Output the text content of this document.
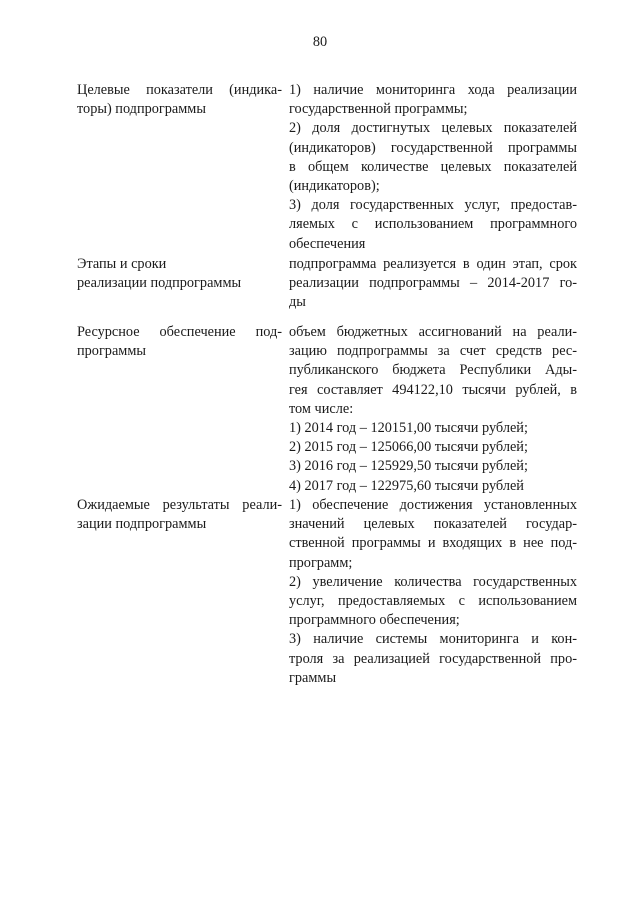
80
Целевые показатели (индика-
торы) подпрограммы
1) наличие мониторинга хода реализации
государственной программы;
2) доля достигнутых целевых показателей
(индикаторов) государственной программы
в общем количестве целевых показателей
(индикаторов);
3) доля государственных услуг, предостав-
ляемых с использованием программного
обеспечения
Этапы и сроки
реализации подпрограммы
подпрограмма реализуется в один этап, срок
реализации подпрограммы – 2014-2017 го-
ды
Ресурсное обеспечение под-
программы
объем бюджетных ассигнований на реали-
зацию подпрограммы за счет средств рес-
публиканского бюджета Республики Ады-
гея составляет 494122,10 тысячи рублей, в
том числе:
1) 2014 год – 120151,00 тысячи рублей;
2) 2015 год – 125066,00 тысячи рублей;
3) 2016 год – 125929,50 тысячи рублей;
4) 2017 год – 122975,60 тысячи рублей
Ожидаемые результаты реали-
зации подпрограммы
1) обеспечение достижения установленных
значений целевых показателей государ-
ственной программы и входящих в нее под-
программ;
2) увеличение количества государственных
услуг, предоставляемых с использованием
программного обеспечения;
3) наличие системы мониторинга и кон-
троля за реализацией государственной про-
граммы
